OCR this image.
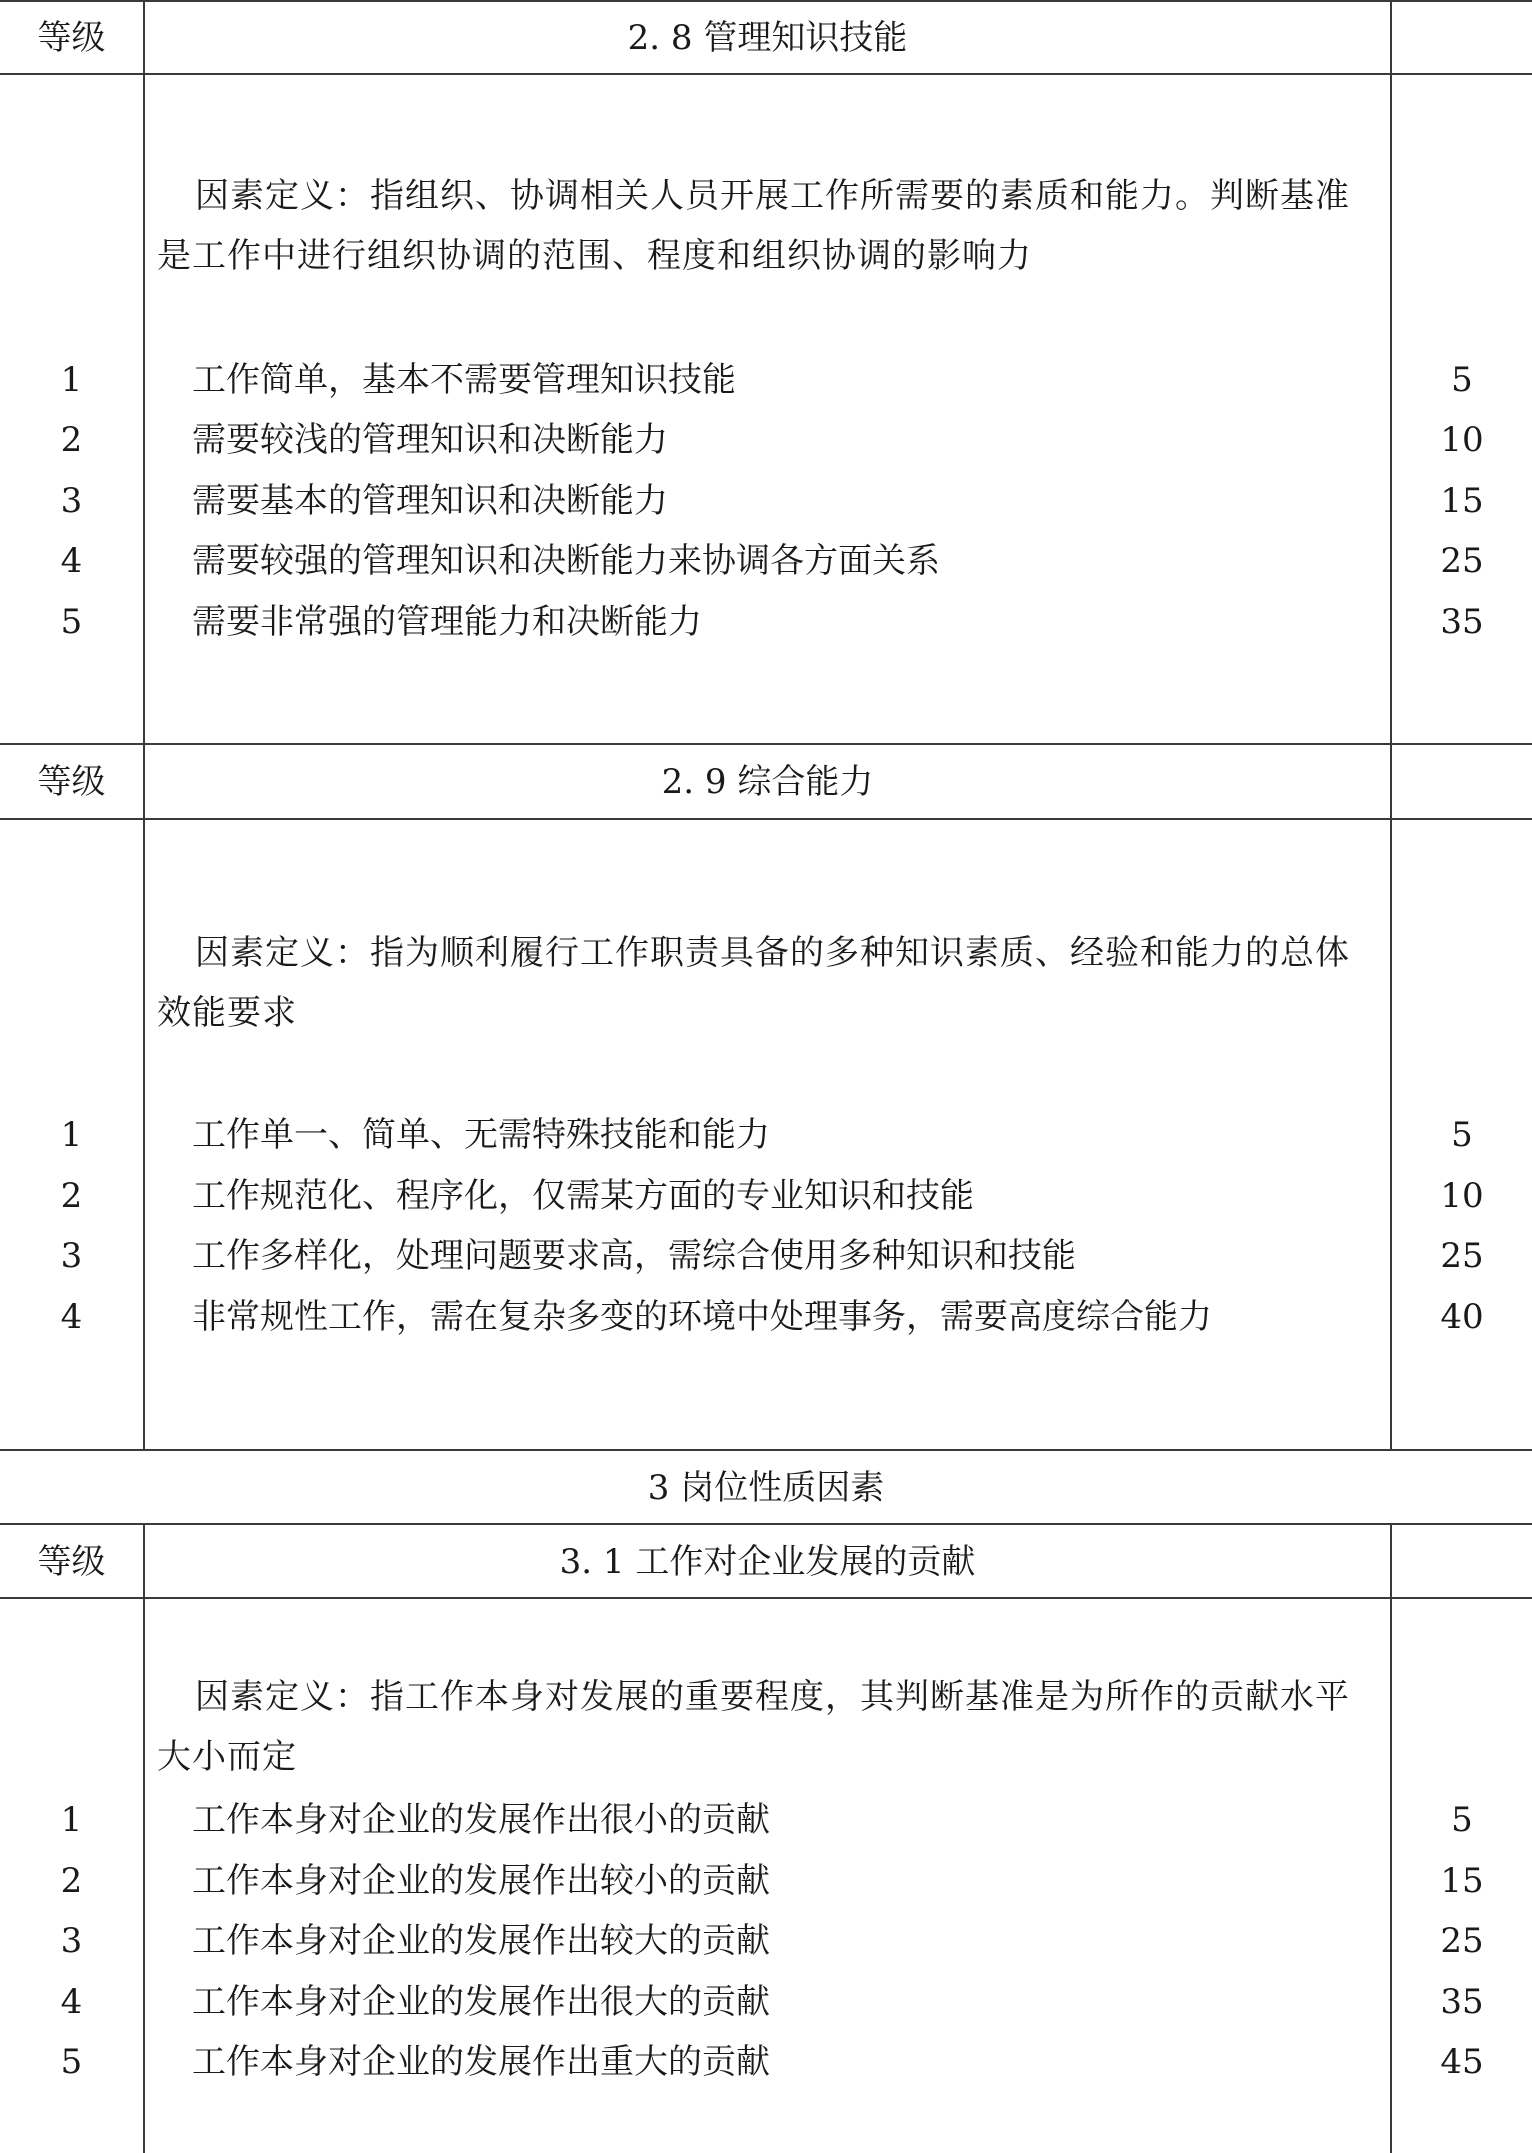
等级	2. 8 管理知识技能
因素定义：指组织、协调相关人员开展工作所需要的素质和能力。判断基准是工作中进行组织协调的范围、程度和组织协调的影响力
1	工作简单，基本不需要管理知识技能	5
2	需要较浅的管理知识和决断能力	10
3	需要基本的管理知识和决断能力	15
4	需要较强的管理知识和决断能力来协调各方面关系	25
5	需要非常强的管理能力和决断能力	35
等级	2. 9 综合能力
因素定义：指为顺利履行工作职责具备的多种知识素质、经验和能力的总体效能要求
1	工作单一、简单、无需特殊技能和能力	5
2	工作规范化、程序化，仅需某方面的专业知识和技能	10
3	工作多样化，处理问题要求高，需综合使用多种知识和技能	25
4	非常规性工作，需在复杂多变的环境中处理事务，需要高度综合能力	40
3 岗位性质因素
等级	3. 1 工作对企业发展的贡献
因素定义：指工作本身对发展的重要程度，其判断基准是为所作的贡献水平大小而定
1	工作本身对企业的发展作出很小的贡献	5
2	工作本身对企业的发展作出较小的贡献	15
3	工作本身对企业的发展作出较大的贡献	25
4	工作本身对企业的发展作出很大的贡献	35
5	工作本身对企业的发展作出重大的贡献	45
